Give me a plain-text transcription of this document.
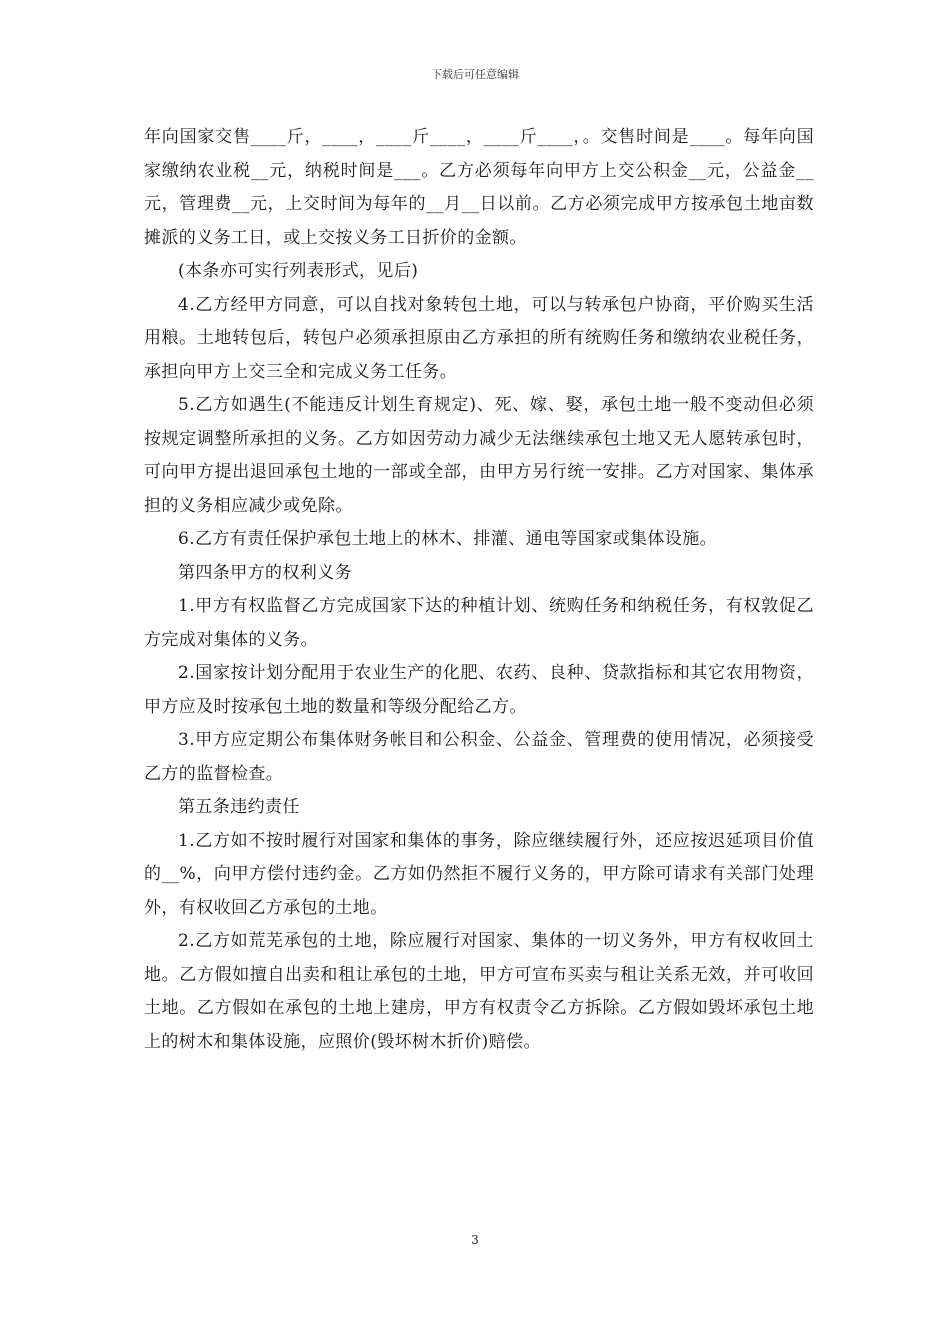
下载后可任意编辑

年向国家交售____斤，____，____斤____，____斤____，。交售时间是____。每年向国家缴纳农业税__元，纳税时间是___。乙方必须每年向甲方上交公积金__元，公益金__元，管理费__元，上交时间为每年的__月__日以前。乙方必须完成甲方按承包土地亩数摊派的义务工日，或上交按义务工日折价的金额。

(本条亦可实行列表形式，见后)

4.乙方经甲方同意，可以自找对象转包土地，可以与转承包户协商，平价购买生活用粮。土地转包后，转包户必须承担原由乙方承担的所有统购任务和缴纳农业税任务，承担向甲方上交三全和完成义务工任务。

5.乙方如遇生(不能违反计划生育规定)、死、嫁、娶，承包土地一般不变动但必须按规定调整所承担的义务。乙方如因劳动力减少无法继续承包土地又无人愿转承包时，可向甲方提出退回承包土地的一部或全部，由甲方另行统一安排。乙方对国家、集体承担的义务相应减少或免除。

6.乙方有责任保护承包土地上的林木、排灌、通电等国家或集体设施。

第四条甲方的权利义务

1.甲方有权监督乙方完成国家下达的种植计划、统购任务和纳税任务，有权敦促乙方完成对集体的义务。

2.国家按计划分配用于农业生产的化肥、农药、良种、贷款指标和其它农用物资，甲方应及时按承包土地的数量和等级分配给乙方。

3.甲方应定期公布集体财务帐目和公积金、公益金、管理费的使用情况，必须接受乙方的监督检查。

第五条违约责任

1.乙方如不按时履行对国家和集体的事务，除应继续履行外，还应按迟延项目价值的__%，向甲方偿付违约金。乙方如仍然拒不履行义务的，甲方除可请求有关部门处理外，有权收回乙方承包的土地。

2.乙方如荒芜承包的土地，除应履行对国家、集体的一切义务外，甲方有权收回土地。乙方假如擅自出卖和租让承包的土地，甲方可宣布买卖与租让关系无效，并可收回土地。乙方假如在承包的土地上建房，甲方有权责令乙方拆除。乙方假如毁坏承包土地上的树木和集体设施，应照价(毁坏树木折价)赔偿。

3
